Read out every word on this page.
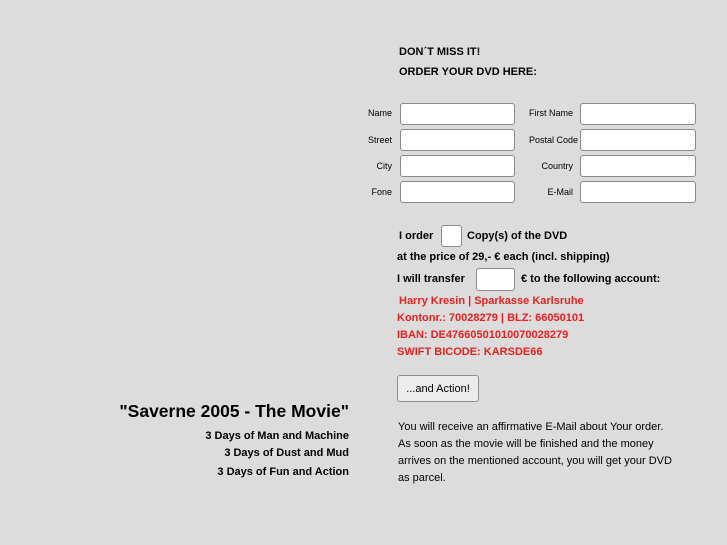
DON´T MISS IT!
ORDER YOUR DVD HERE:
Name
Street
City
Fone
First Name
Postal Code
Country
E-Mail
I order	Copy(s) of the DVD
at the price of 29,- € each (incl. shipping)
I will transfer	€ to the following account:
Harry Kresin | Sparkasse Karlsruhe
Kontonr.: 70028279 | BLZ: 66050101
IBAN: DE47660501010070028279
SWIFT BICODE: KARSDE66
...and Action!
You will receive an affirmative E-Mail about Your order.
As soon as the movie will be finished and the money
arrives on the mentioned account, you will get your DVD
as parcel.
"Saverne 2005 - The Movie"
3 Days of Man and Machine
3 Days of Dust and Mud
3 Days of Fun and Action
